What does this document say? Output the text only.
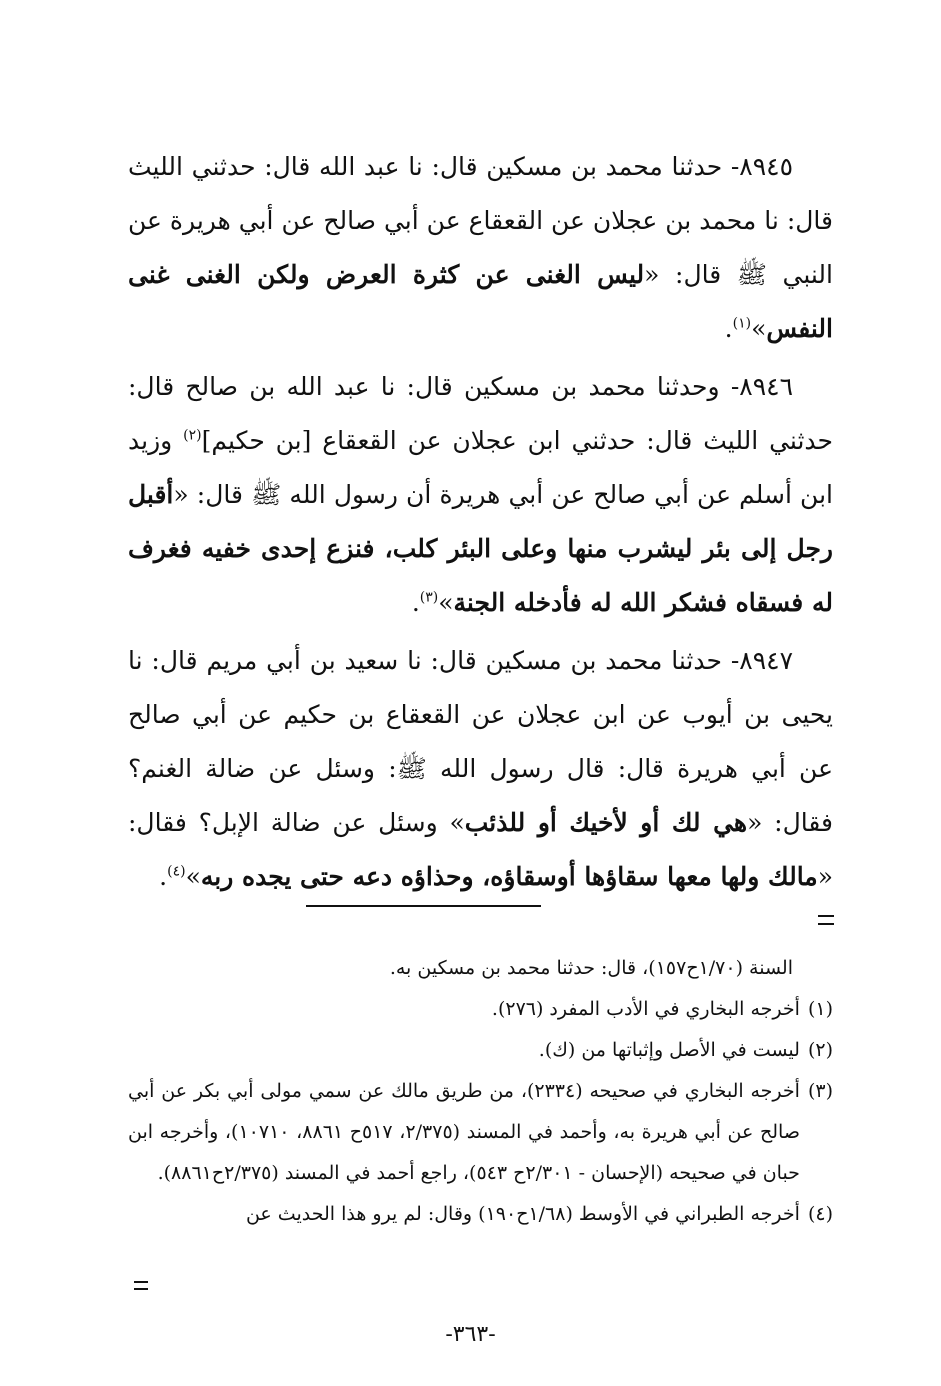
٨٩٤٥- حدثنا محمد بن مسكين قال: نا عبد الله قال: حدثني الليث قال: نا محمد بن عجلان عن القعقاع عن أبي صالح عن أبي هريرة عن النبي ﷺ قال: «ليس الغنى عن كثرة العرض ولكن الغنى غنى النفس»$^{(١)}$.

٨٩٤٦- وحدثنا محمد بن مسكين قال: نا عبد الله بن صالح قال: حدثني الليث قال: حدثني ابن عجلان عن القعقاع [بن حكيم]$^{(٢)}$ وزيد ابن أسلم عن أبي صالح عن أبي هريرة أن رسول الله ﷺ قال: «أقبل رجل إلى بئر ليشرب منها وعلى البئر كلب، فنزع إحدى خفيه فغرف له فسقاه فشكر الله له فأدخله الجنة»$^{(٣)}$.

٨٩٤٧- حدثنا محمد بن مسكين قال: نا سعيد بن أبي مريم قال: نا يحيى بن أيوب عن ابن عجلان عن القعقاع بن حكيم عن أبي صالح عن أبي هريرة قال: قال رسول الله ﷺ: وسئل عن ضالة الغنم؟ فقال: «هي لك أو لأخيك أو للذئب» وسئل عن ضالة الإبل؟ فقال: «مالك ولها معها سقاؤها أوسقاؤه، وحذاؤه دعه حتى يجده ربه»$^{(٤)}$.

السنة (١/٧٠ح١٥٧)، قال: حدثنا محمد بن مسكين به.
(١)
أخرجه البخاري في الأدب المفرد (٢٧٦).
(٢)
ليست في الأصل وإثباتها من (ك).
(٣)
أخرجه البخاري في صحيحه (٢٣٣٤)، من طريق مالك عن سمي مولى أبي بكر عن أبي صالح عن أبي هريرة به، وأحمد في المسند (٢/٣٧٥، ٥١٧ح ٨٨٦١، ١٠٧١٠)، وأخرجه ابن حبان في صحيحه (الإحسان - ٢/٣٠١ح ٥٤٣)، راجع أحمد في المسند (٢/٣٧٥ح٨٨٦١).
(٤)
أخرجه الطبراني في الأوسط (١/٦٨ح١٩٠) وقال: لم يرو هذا الحديث عن
-٣٦٣-
